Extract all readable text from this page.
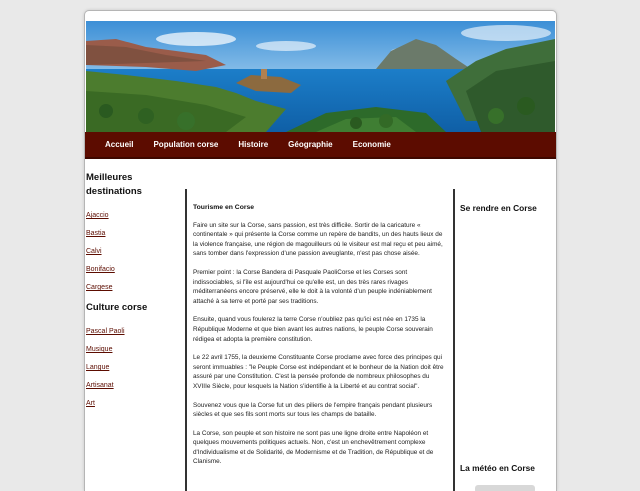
Accueil	Population corse	Histoire	Géographie	Economie
Meilleures
destinations
Ajaccio
Bastia
Calvi
Bonifacio
Cargese
Culture corse
Pascal Paoli
Musique
Langue
Artisanat
Art
Tourisme en Corse

Faire un site sur la Corse, sans passion, est très difficile. Sortir de la caricature « continentale » qui présente la Corse comme un repère de bandits, un des hauts lieux de la violence française, une région de magouilleurs où le visiteur est mal reçu et peu aimé, sans tomber dans l'expression d'une passion aveuglante, n'est pas chose aisée.

Premier point : la Corse Bandera di Pasquale PaoliCorse et les Corses sont indissociables, si l'île est aujourd'hui ce qu'elle est, un des très rares rivages méditerranéens encore préservé, elle le doit à la volonté d'un peuple indéniablement attaché à sa terre et porté par ses traditions.

Ensuite, quand vous foulerez la terre Corse n'oubliez pas qu'ici est née en 1735 la République Moderne et que bien avant les autres nations, le peuple Corse souverain rédigea et adopta la première constitution.

Le 22 avril 1755, la deuxieme Constituante Corse proclame avec force des principes qui seront immuables : "le Peuple Corse est indépendant et le bonheur de la Nation doit être assuré par une Constitution. C'est la pensée profonde de nombreux philosophes du XVIIIe Siècle, pour lesquels la Nation s'identifie à la Liberté et au contrat social".

Souvenez vous que la Corse fut un des piliers de l'empire français pendant plusieurs siècles et que ses fils sont morts sur tous les champs de bataille.

La Corse, son peuple et son histoire ne sont pas une ligne droite entre Napoléon et quelques mouvements politiques actuels. Non, c'est un enchevêtrement complexe d'Individualisme et de Solidarité, de Modernisme et de Tradition, de République et de Clanisme.

Se rendre en Corse
La météo en Corse
